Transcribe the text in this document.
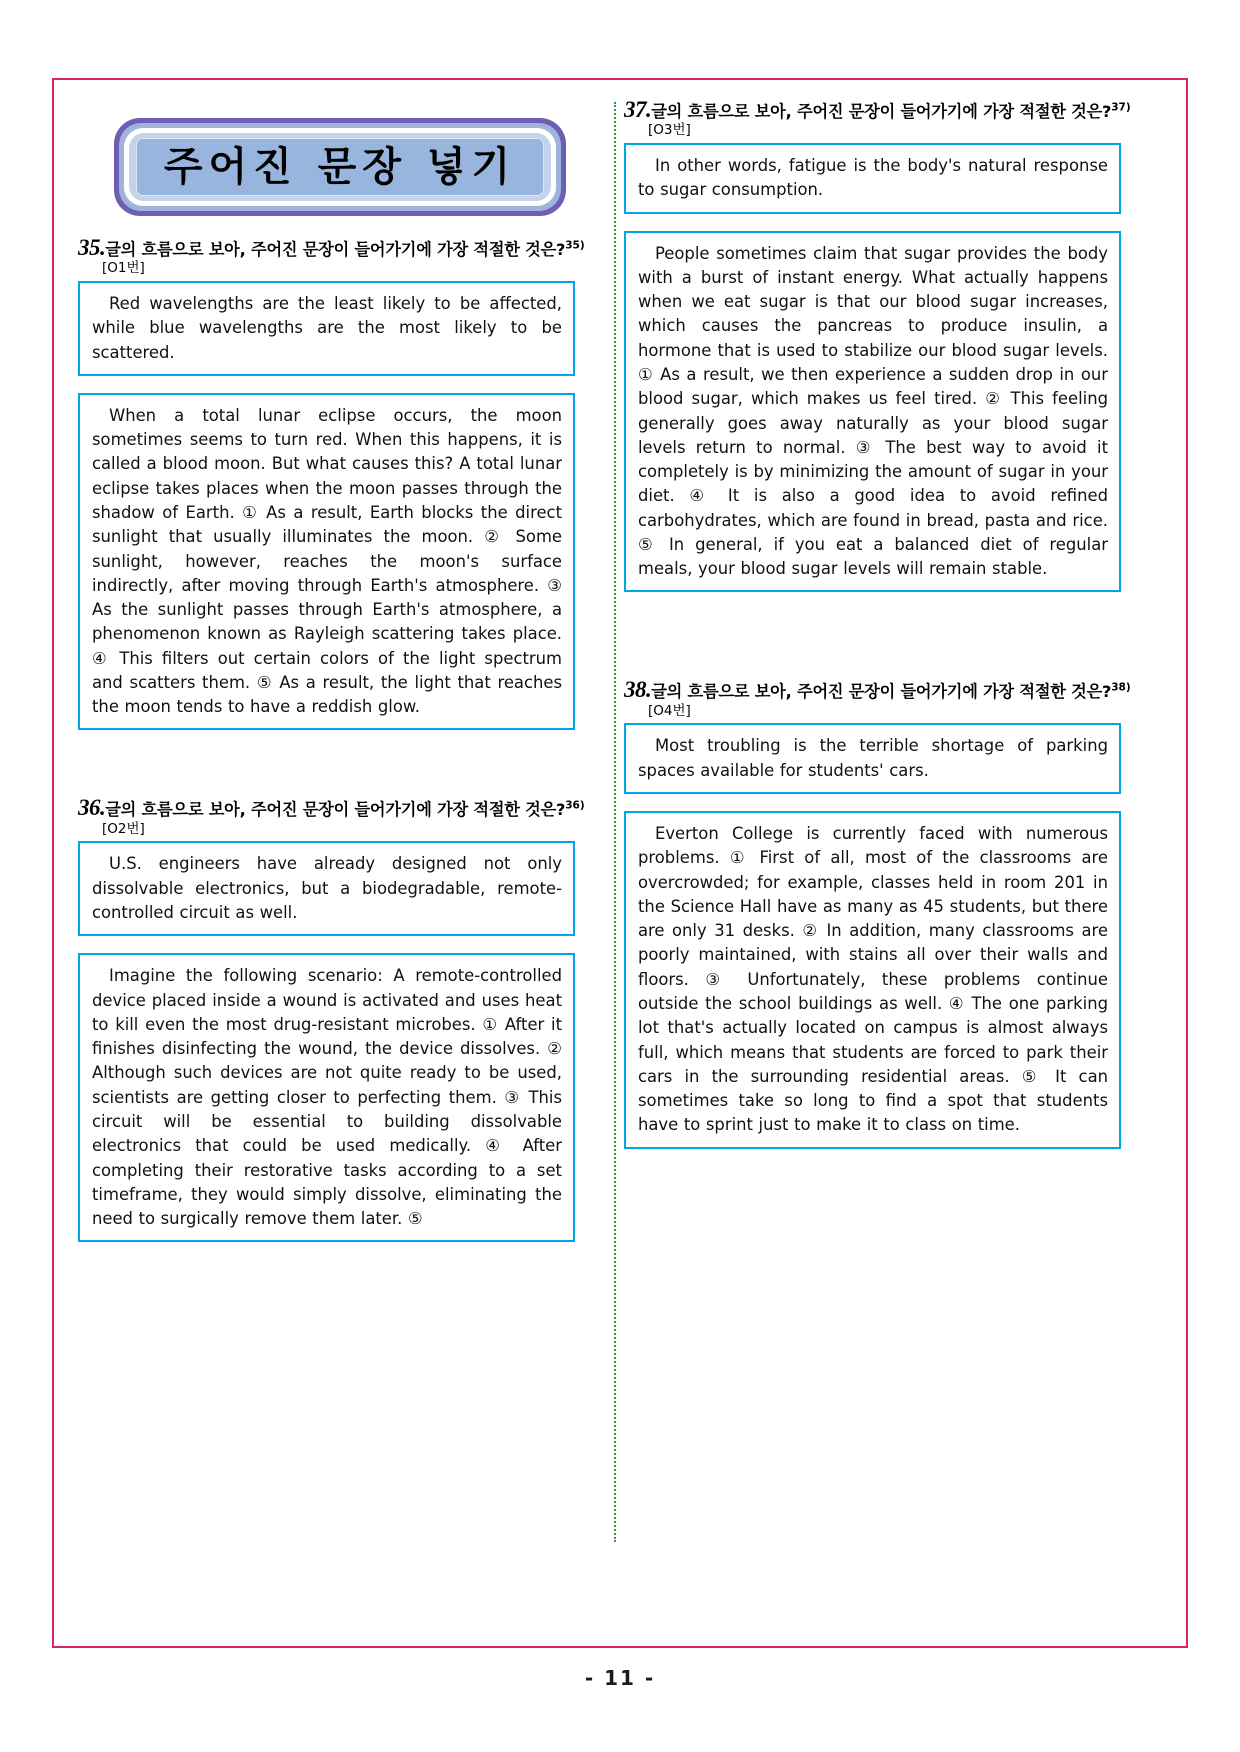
주어진 문장 넣기
35.글의 흐름으로 보아, 주어진 문장이 들어가기에 가장 적절한 것은?$^{35)}$
[O1번]

Red wavelengths are the least likely to be affected, while blue wavelengths are the most likely to be scattered.

When a total lunar eclipse occurs, the moon sometimes seems to turn red. When this happens, it is called a blood moon. But what causes this? A total lunar eclipse takes places when the moon passes through the shadow of Earth. ① As a result, Earth blocks the direct sunlight that usually illuminates the moon. ② Some sunlight, however, reaches the moon's surface indirectly, after moving through Earth's atmosphere. ③ As the sunlight passes through Earth's atmosphere, a phenomenon known as Rayleigh scattering takes place. ④ This filters out certain colors of the light spectrum and scatters them. ⑤ As a result, the light that reaches the moon tends to have a reddish glow.

36.글의 흐름으로 보아, 주어진 문장이 들어가기에 가장 적절한 것은?$^{36)}$
[O2번]

U.S. engineers have already designed not only dissolvable electronics, but a biodegradable, remote-controlled circuit as well.

Imagine the following scenario: A remote-controlled device placed inside a wound is activated and uses heat to kill even the most drug-resistant microbes. ① After it finishes disinfecting the wound, the device dissolves. ② Although such devices are not quite ready to be used, scientists are getting closer to perfecting them. ③ This circuit will be essential to building dissolvable electronics that could be used medically. ④ After completing their restorative tasks according to a set timeframe, they would simply dissolve, eliminating the need to surgically remove them later. ⑤

37.글의 흐름으로 보아, 주어진 문장이 들어가기에 가장 적절한 것은?$^{37)}$
[O3번]

In other words, fatigue is the body's natural response to sugar consumption.

People sometimes claim that sugar provides the body with a burst of instant energy. What actually happens when we eat sugar is that our blood sugar increases, which causes the pancreas to produce insulin, a hormone that is used to stabilize our blood sugar levels. ① As a result, we then experience a sudden drop in our blood sugar, which makes us feel tired. ② This feeling generally goes away naturally as your blood sugar levels return to normal. ③ The best way to avoid it completely is by minimizing the amount of sugar in your diet. ④ It is also a good idea to avoid refined carbohydrates, which are found in bread, pasta and rice. ⑤ In general, if you eat a balanced diet of regular meals, your blood sugar levels will remain stable.

38.글의 흐름으로 보아, 주어진 문장이 들어가기에 가장 적절한 것은?$^{38)}$
[O4번]

Most troubling is the terrible shortage of parking spaces available for students' cars.

Everton College is currently faced with numerous problems. ① First of all, most of the classrooms are overcrowded; for example, classes held in room 201 in the Science Hall have as many as 45 students, but there are only 31 desks. ② In addition, many classrooms are poorly maintained, with stains all over their walls and floors. ③ Unfortunately, these problems continue outside the school buildings as well. ④ The one parking lot that's actually located on campus is almost always full, which means that students are forced to park their cars in the surrounding residential areas. ⑤ It can sometimes take so long to find a spot that students have to sprint just to make it to class on time.

- 11 -
